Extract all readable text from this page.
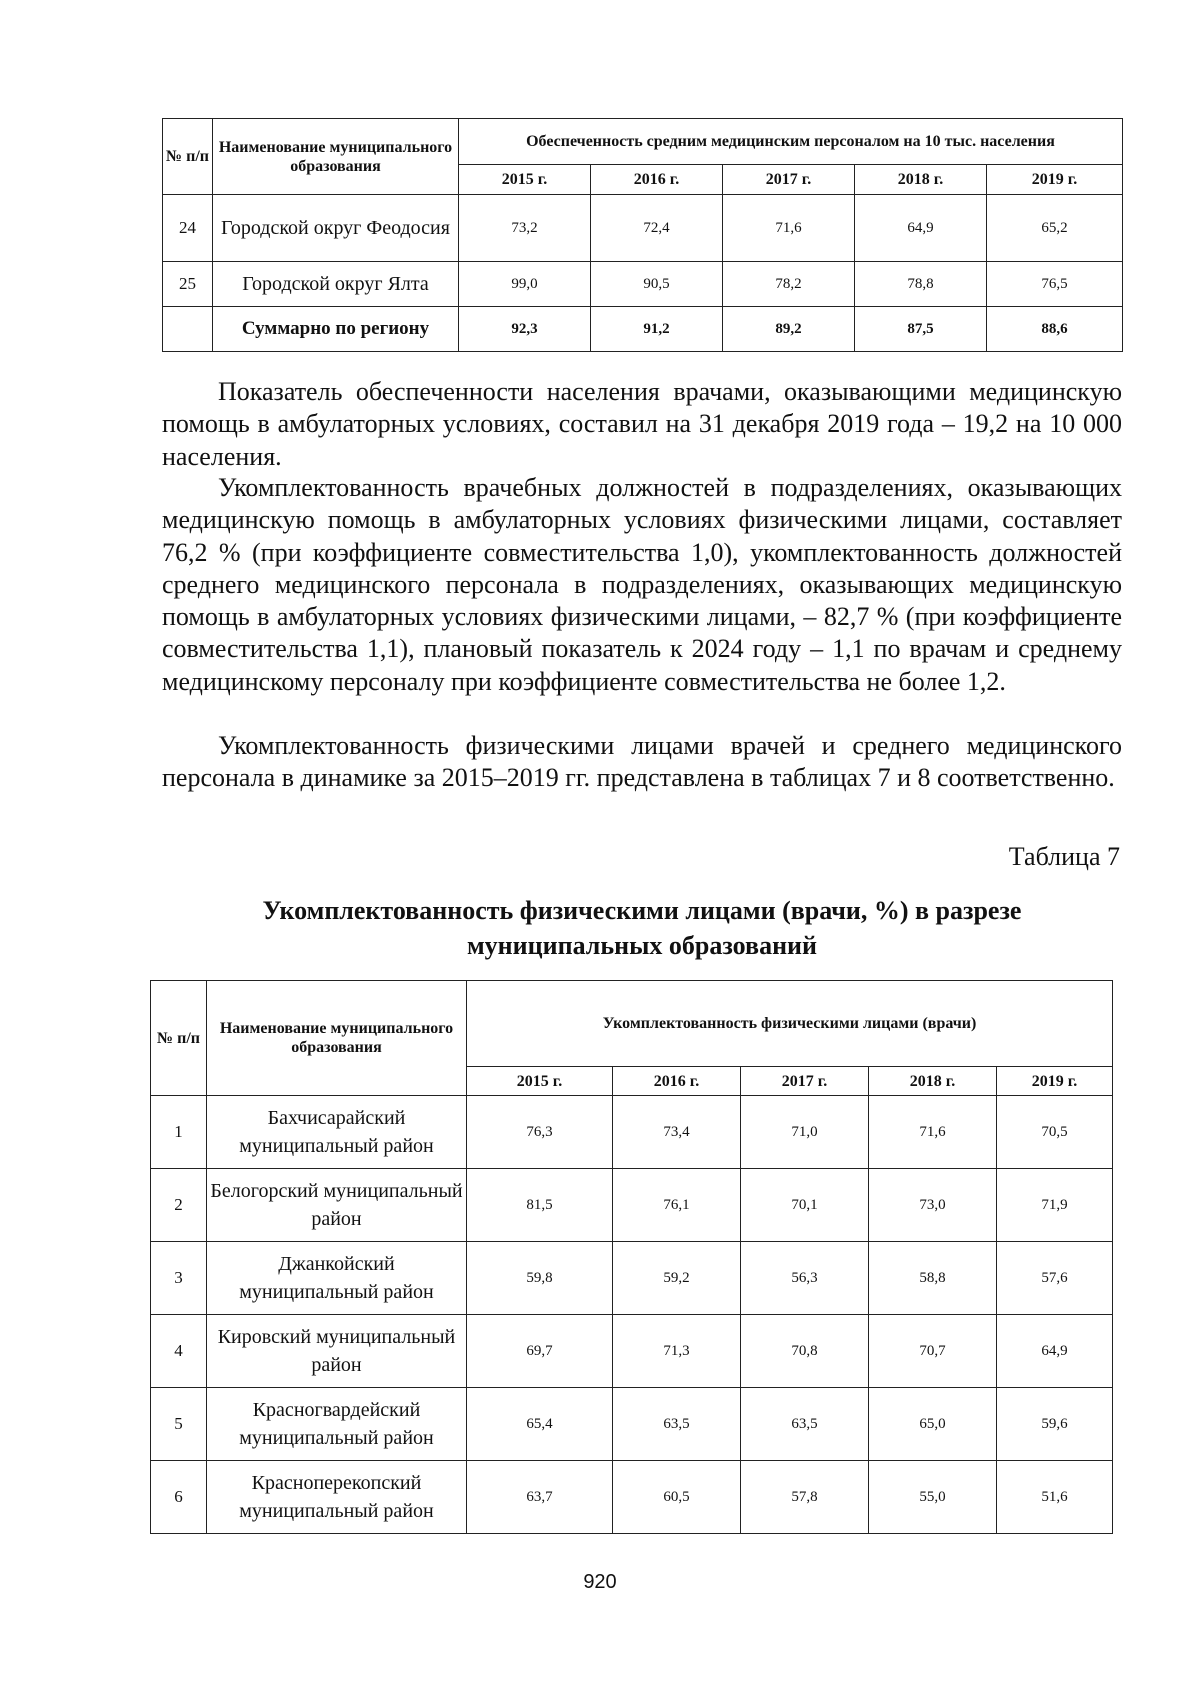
№ п/п	Наименование муниципального образования	Обеспеченность средним медицинским персоналом на 10 тыс. населения				
		2015 г.	2016 г.	2017 г.	2018 г.	2019 г.
24	Городской округ Феодосия	73,2	72,4	71,6	64,9	65,2
25	Городской округ Ялта	99,0	90,5	78,2	78,8	76,5
	Суммарно по региону	92,3	91,2	89,2	87,5	88,6

Показатель обеспеченности населения врачами, оказывающими медицинскую помощь в амбулаторных условиях, составил на 31 декабря 2019 года – 19,2 на 10 000 населения.

Укомплектованность врачебных должностей в подразделениях, оказывающих медицинскую помощь в амбулаторных условиях физическими лицами, составляет 76,2 % (при коэффициенте совместительства 1,0), укомплектованность должностей среднего медицинского персонала в подразделениях, оказывающих медицинскую помощь в амбулаторных условиях физическими лицами, – 82,7 % (при коэффициенте совместительства 1,1), плановый показатель к 2024 году – 1,1 по врачам и среднему медицинскому персоналу при коэффициенте совместительства не более 1,2.

Укомплектованность физическими лицами врачей и среднего медицинского персонала в динамике за 2015–2019 гг. представлена в таблицах 7 и 8 соответственно.

Таблица 7

Укомплектованность физическими лицами (врачи, %) в разрезе муниципальных образований

№ п/п	Наименование муниципального образования	Укомплектованность физическими лицами (врачи)				
		2015 г.	2016 г.	2017 г.	2018 г.	2019 г.
1	Бахчисарайский муниципальный район	76,3	73,4	71,0	71,6	70,5
2	Белогорский муниципальный район	81,5	76,1	70,1	73,0	71,9
3	Джанкойский муниципальный район	59,8	59,2	56,3	58,8	57,6
4	Кировский муниципальный район	69,7	71,3	70,8	70,7	64,9
5	Красногвардейский муниципальный район	65,4	63,5	63,5	65,0	59,6
6	Красноперекопский муниципальный район	63,7	60,5	57,8	55,0	51,6
920
